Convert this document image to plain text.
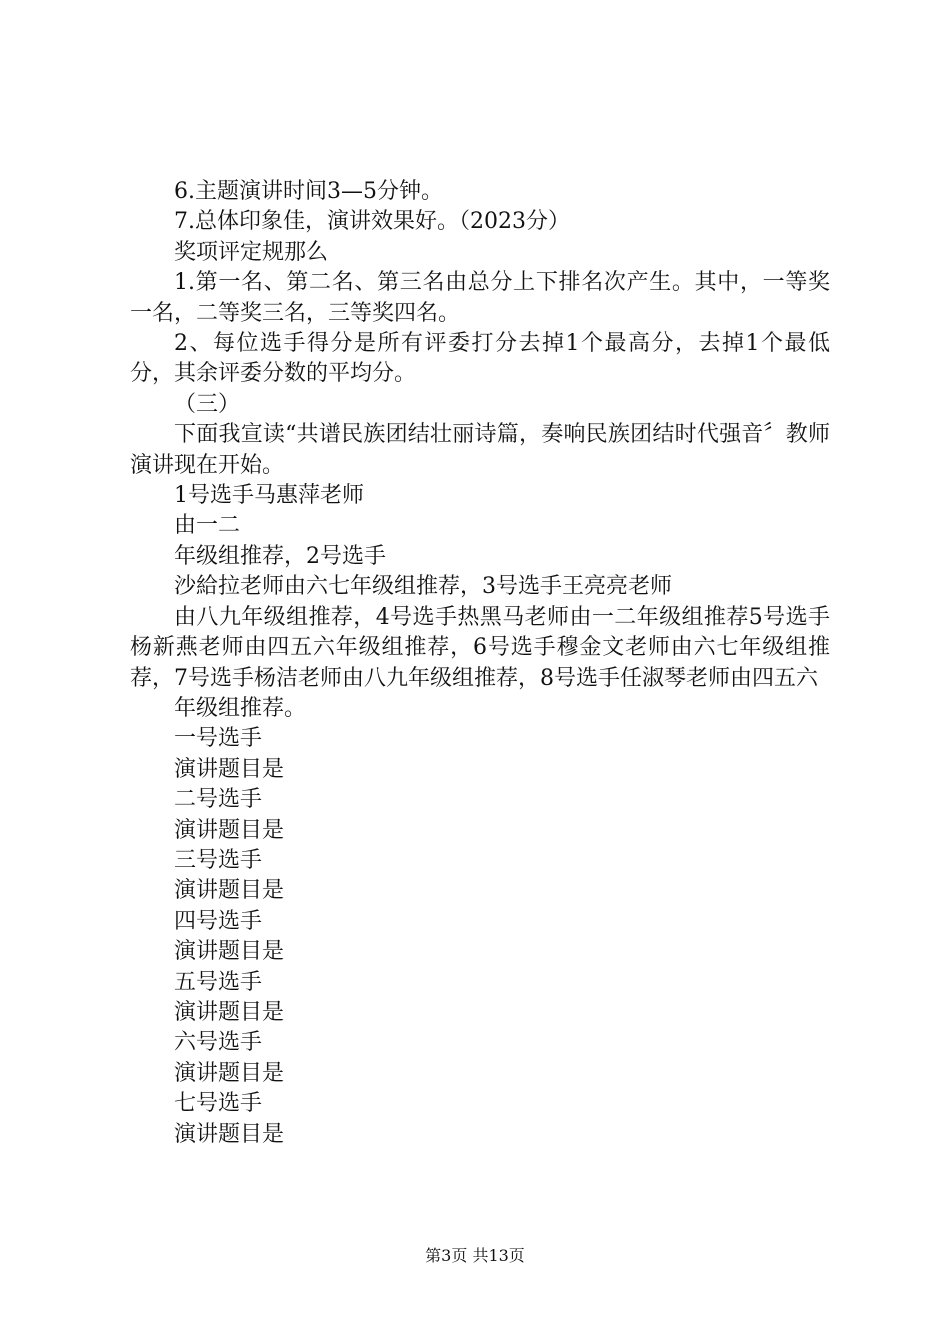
6.主题演讲时间3—5分钟。

7.总体印象佳，演讲效果好。（2023分）

奖项评定规那么

1.第一名、第二名、第三名由总分上下排名次产生。其中，一等奖一名，二等奖三名，三等奖四名。

2、每位选手得分是所有评委打分去掉1个最高分，去掉1个最低分，其余评委分数的平均分。

（三）

下面我宣读“共谱民族团结壮丽诗篇，奏响民族团结时代强音〞教师演讲现在开始。

1号选手马惠萍老师

由一二

年级组推荐，2号选手

沙給拉老师由六七年级组推荐，3号选手王亮亮老师

由八九年级组推荐，4号选手热黑马老师由一二年级组推荐5号选手杨新燕老师由四五六年级组推荐，6号选手穆金文老师由六七年级组推荐，7号选手杨洁老师由八九年级组推荐，8号选手任淑琴老师由四五六

年级组推荐。

一号选手

演讲题目是

二号选手

演讲题目是

三号选手

演讲题目是

四号选手

演讲题目是

五号选手

演讲题目是

六号选手

演讲题目是

七号选手

演讲题目是

第3页 共13页
